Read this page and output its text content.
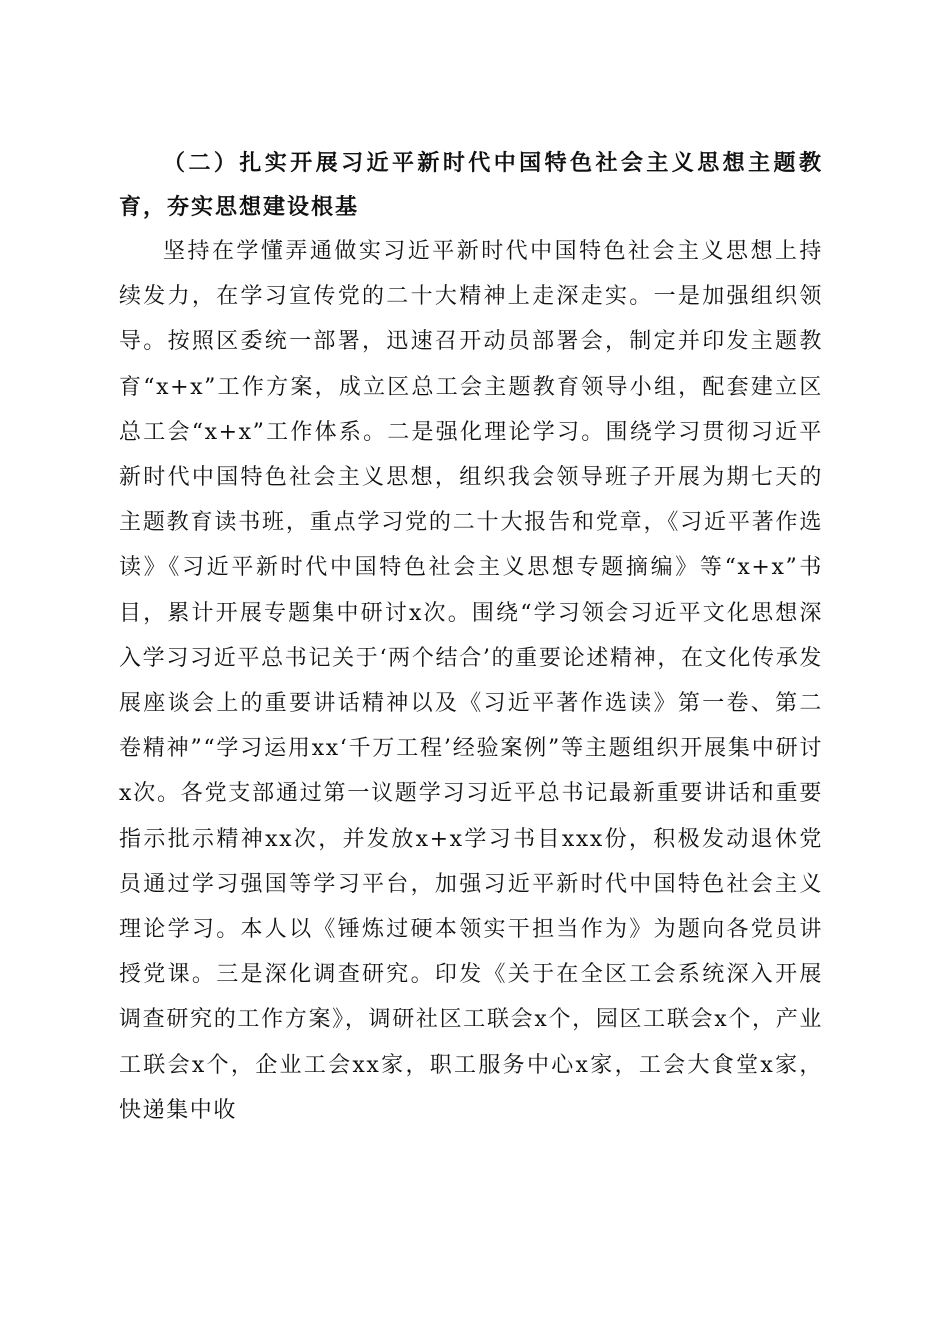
（二）扎实开展习近平新时代中国特色社会主义思想主题教育，夯实思想建设根基

坚持在学懂弄通做实习近平新时代中国特色社会主义思想上持续发力，在学习宣传党的二十大精神上走深走实。一是加强组织领导。按照区委统一部署，迅速召开动员部署会，制定并印发主题教育“x+x”工作方案，成立区总工会主题教育领导小组，配套建立区总工会“x+x”工作体系。二是强化理论学习。围绕学习贯彻习近平新时代中国特色社会主义思想，组织我会领导班子开展为期七天的主题教育读书班，重点学习党的二十大报告和党章，《习近平著作选读》《习近平新时代中国特色社会主义思想专题摘编》等“x+x”书目，累计开展专题集中研讨x次。围绕“学习领会习近平文化思想深入学习习近平总书记关于‘两个结合’的重要论述精神，在文化传承发展座谈会上的重要讲话精神以及《习近平著作选读》第一卷、第二卷精神”“学习运用xx‘千万工程’经验案例”等主题组织开展集中研讨x次。各党支部通过第一议题学习习近平总书记最新重要讲话和重要指示批示精神xx次，并发放x+x学习书目xxx份，积极发动退休党员通过学习强国等学习平台，加强习近平新时代中国特色社会主义理论学习。本人以《锤炼过硬本领实干担当作为》为题向各党员讲授党课。三是深化调查研究。印发《关于在全区工会系统深入开展调查研究的工作方案》，调研社区工联会x个，园区工联会x个，产业工联会x个，企业工会xx家，职工服务中心x家，工会大食堂x家，快递集中收
